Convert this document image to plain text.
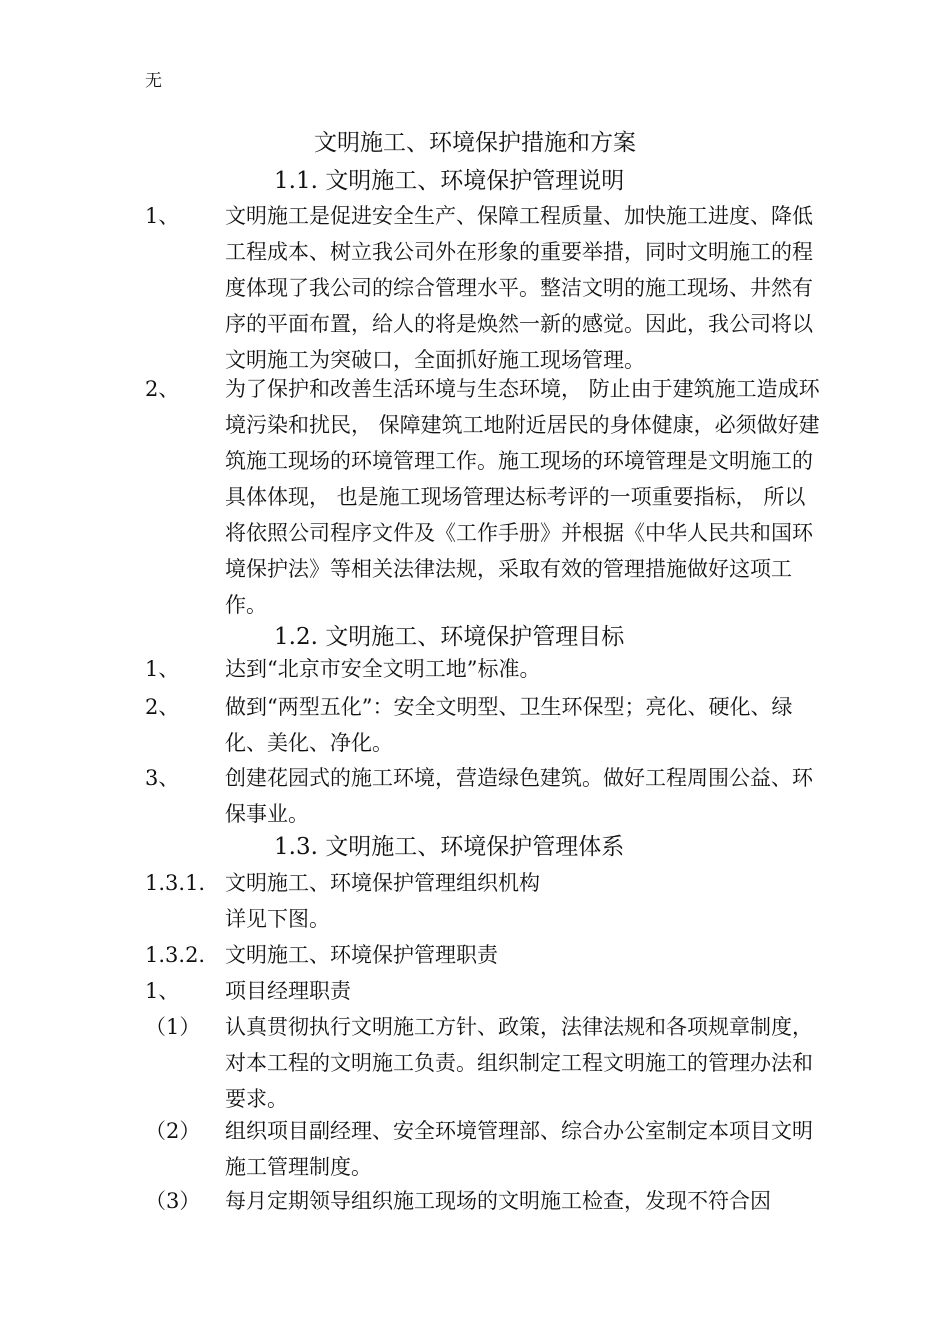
无
文明施工、环境保护措施和方案
1.1. 文明施工、环境保护管理说明
1、 文明施工是促进安全生产、保障工程质量、加快施工进度、降低工程成本、树立我公司外在形象的重要举措，同时文明施工的程度体现了我公司的综合管理水平。整洁文明的施工现场、井然有序的平面布置，给人的将是焕然一新的感觉。因此，我公司将以文明施工为突破口，全面抓好施工现场管理。
2、 为了保护和改善生活环境与生态环境， 防止由于建筑施工造成环境污染和扰民， 保障建筑工地附近居民的身体健康，必须做好建筑施工现场的环境管理工作。施工现场的环境管理是文明施工的具体体现， 也是施工现场管理达标考评的一项重要指标， 所以将依照公司程序文件及《工作手册》并根据《中华人民共和国环境保护法》等相关法律法规，采取有效的管理措施做好这项工作。
1.2. 文明施工、环境保护管理目标
1、 达到“北京市安全文明工地”标准。
2、 做到“两型五化”：安全文明型、卫生环保型；亮化、硬化、绿化、美化、净化。
3、 创建花园式的施工环境，营造绿色建筑。做好工程周围公益、环保事业。
1.3. 文明施工、环境保护管理体系
1.3.1. 文明施工、环境保护管理组织机构
详见下图。
1.3.2. 文明施工、环境保护管理职责
1、 项目经理职责
（1） 认真贯彻执行文明施工方针、政策，法律法规和各项规章制度，对本工程的文明施工负责。组织制定工程文明施工的管理办法和要求。
（2） 组织项目副经理、安全环境管理部、综合办公室制定本项目文明施工管理制度。
（3） 每月定期领导组织施工现场的文明施工检查，发现不符合因
